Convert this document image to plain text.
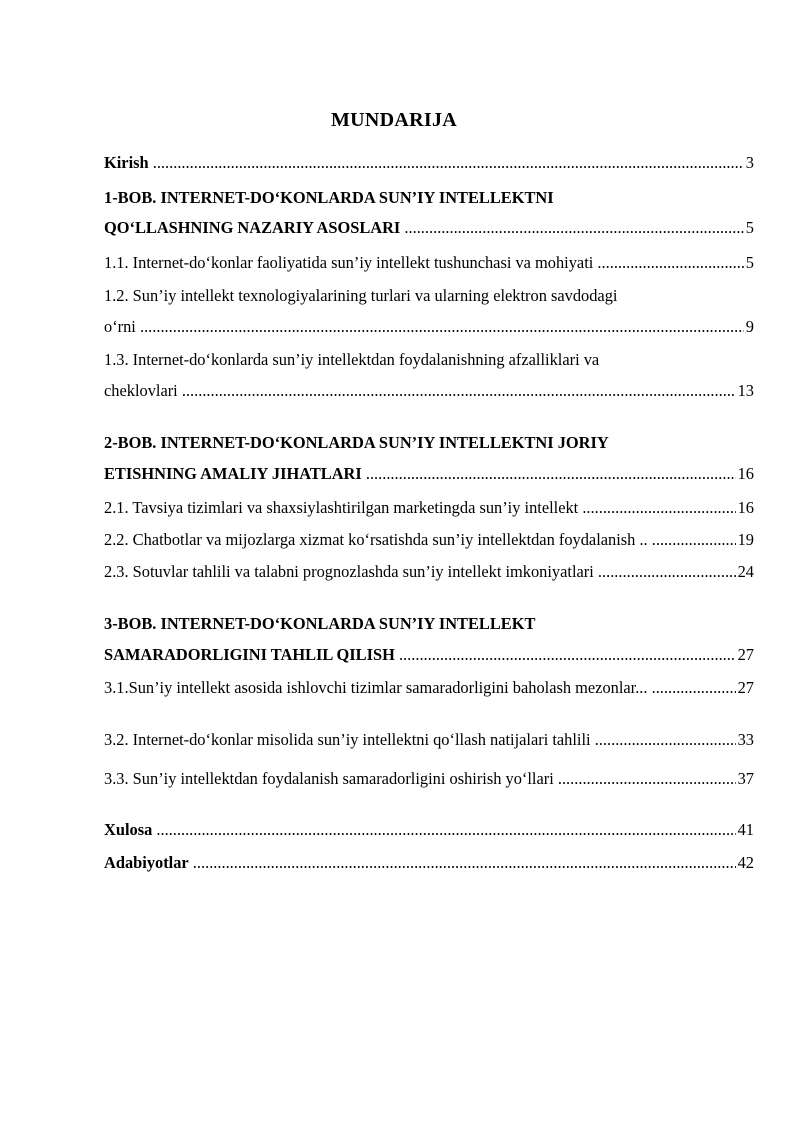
MUNDARIJA
Kirish .....	3
1-BOB. INTERNET-DO‘KONLARDA SUN’IY INTELLEKTNI
QO‘LLASHNING NAZARIY ASOSLARI .....	5
1.1. Internet-do‘konlar faoliyatida sun’iy intellekt tushunchasi va mohiyati .....	5
1.2. Sun’iy intellekt texnologiyalarining turlari va ularning elektron savdodagi
o‘rni .....	9
1.3. Internet-do‘konlarda sun’iy intellektdan foydalanishning afzalliklari va
cheklovlari .....	13
2-BOB. INTERNET-DO‘KONLARDA SUN’IY INTELLEKTNI JORIY
ETISHNING AMALIY JIHATLARI .....	16
2.1. Tavsiya tizimlari va shaxsiylashtirilgan marketingda sun’iy intellekt .....	16
2.2. Chatbotlar va mijozlarga xizmat ko‘rsatishda sun’iy intellektdan foydalanish .. .....	19
2.3. Sotuvlar tahlili va talabni prognozlashda sun’iy intellekt imkoniyatlari .....	24
3-BOB. INTERNET-DO‘KONLARDA SUN’IY INTELLEKT
SAMARADORLIGINI TAHLIL QILISH .....	27
3.1.Sun’iy intellekt asosida ishlovchi tizimlar samaradorligini baholash mezonlar... .....	27
3.2. Internet-do‘konlar misolida sun’iy intellektni qo‘llash natijalari tahlili .....	33
3.3. Sun’iy intellektdan foydalanish samaradorligini oshirish yo‘llari .....	37
Xulosa .....	41
Adabiyotlar .....	42
